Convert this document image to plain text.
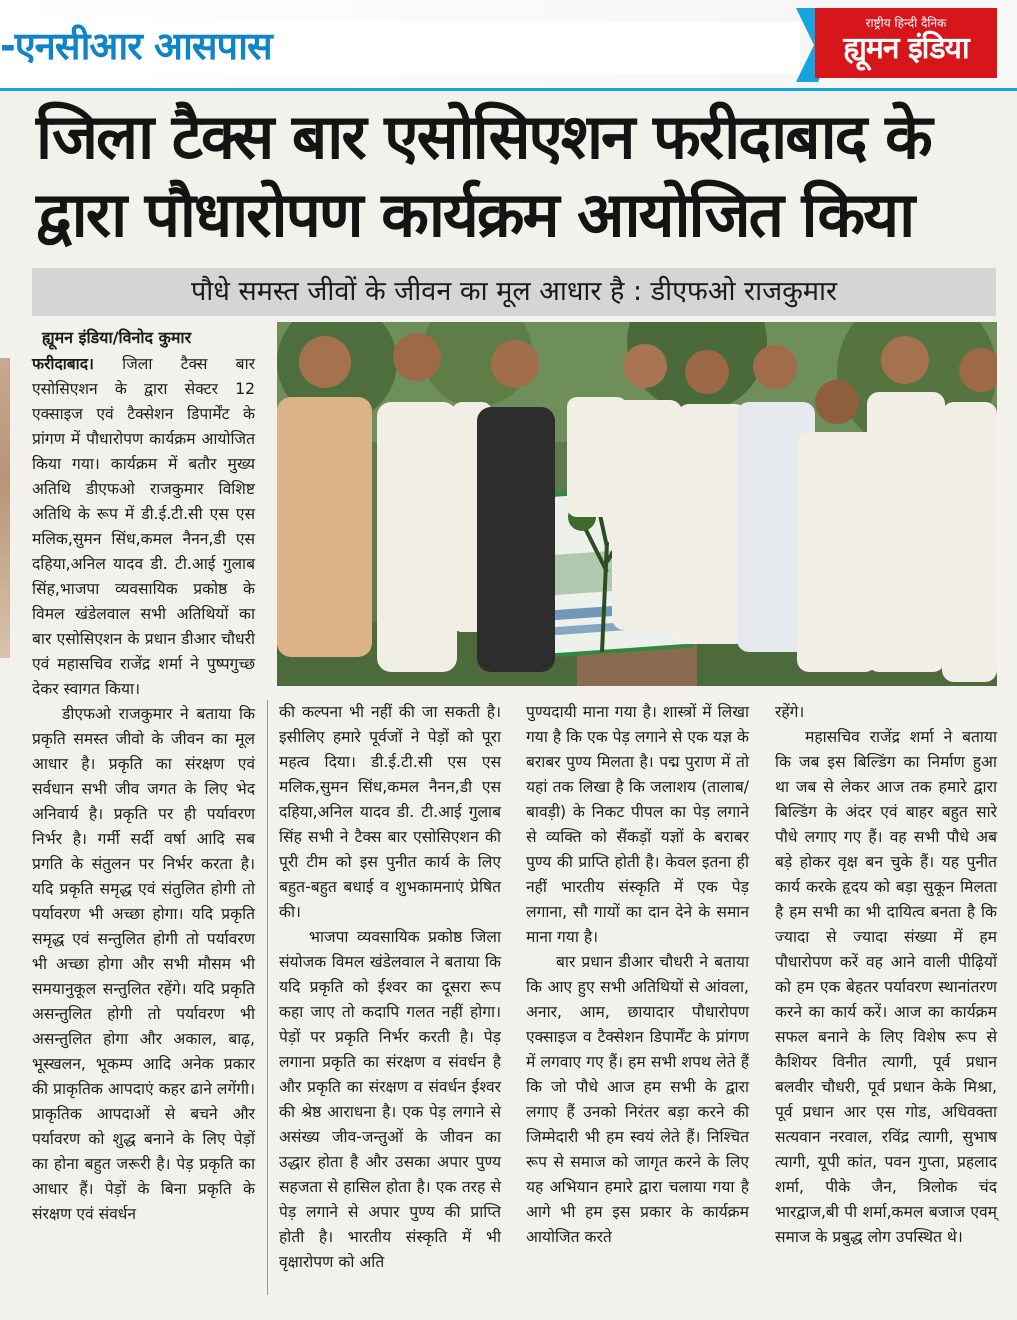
-एनसीआर आसपास
राष्ट्रीय हिन्दी दैनिक
ह्यूमन इंडिया
जिला टैक्स बार एसोसिएशन फरीदाबाद के
द्वारा पौधारोपण कार्यक्रम आयोजित किया
पौधे समस्त जीवों के जीवन का मूल आधार है : डीएफओ राजकुमार
ह्यूमन इंडिया/विनोद कुमार

फरीदाबाद। जिला टैक्स बार एसोसिएशन के द्वारा सेक्टर 12 एक्साइज एवं टैक्सेशन डिपार्मेंट के प्रांगण में पौधारोपण कार्यक्रम आयोजित किया गया। कार्यक्रम में बतौर मुख्य अतिथि डीएफओ राजकुमार विशिष्ट अतिथि के रूप में डी.ई.टी.सी एस एस मलिक,सुमन सिंध,कमल नैनन,डी एस दहिया,अनिल यादव डी. टी.आई गुलाब सिंह,भाजपा व्यवसायिक प्रकोष्ठ के विमल खंडेलवाल सभी अतिथियों का बार एसोसिएशन के प्रधान डीआर चौधरी एवं महासचिव राजेंद्र शर्मा ने पुष्पगुच्छ देकर स्वागत किया।

डीएफओ राजकुमार ने बताया कि प्रकृति समस्त जीवो के जीवन का मूल आधार है। प्रकृति का संरक्षण एवं सर्वधान सभी जीव जगत के लिए भेद अनिवार्य है। प्रकृति पर ही पर्यावरण निर्भर है। गर्मी सर्दी वर्षा आदि सब प्रगति के संतुलन पर निर्भर करता है। यदि प्रकृति समृद्ध एवं संतुलित होगी तो पर्यावरण भी अच्छा होगा। यदि प्रकृति समृद्ध एवं सन्तुलित होगी तो पर्यावरण भी अच्छा होगा और सभी मौसम भी समयानुकूल सन्तुलित रहेंगे। यदि प्रकृति असन्तुलित होगी तो पर्यावरण भी असन्तुलित होगा और अकाल, बाढ़, भूस्खलन, भूकम्प आदि अनेक प्रकार की प्राकृतिक आपदाएं कहर ढाने लगेंगी। प्राकृतिक आपदाओं से बचने और पर्यावरण को शुद्ध बनाने के लिए पेड़ों का होना बहुत जरूरी है। पेड़ प्रकृति का आधार हैं। पेड़ों के बिना प्रकृति के संरक्षण एवं संवर्धन

की कल्पना भी नहीं की जा सकती है। इसीलिए हमारे पूर्वजों ने पेड़ों को पूरा महत्व दिया। डी.ई.टी.सी एस एस मलिक,सुमन सिंध,कमल नैनन,डी एस दहिया,अनिल यादव डी. टी.आई गुलाब सिंह सभी ने टैक्स बार एसोसिएशन की पूरी टीम को इस पुनीत कार्य के लिए बहुत-बहुत बधाई व शुभकामनाएं प्रेषित की।

भाजपा व्यवसायिक प्रकोष्ठ जिला संयोजक विमल खंडेलवाल ने बताया कि यदि प्रकृति को ईश्वर का दूसरा रूप कहा जाए तो कदापि गलत नहीं होगा। पेड़ों पर प्रकृति निर्भर करती है। पेड़ लगाना प्रकृति का संरक्षण व संवर्धन है और प्रकृति का संरक्षण व संवर्धन ईश्वर की श्रेष्ठ आराधना है। एक पेड़ लगाने से असंख्य जीव-जन्तुओं के जीवन का उद्धार होता है और उसका अपार पुण्य सहजता से हासिल होता है। एक तरह से पेड़ लगाने से अपार पुण्य की प्राप्ति होती है। भारतीय संस्कृति में भी वृक्षारोपण को अति

पुण्यदायी माना गया है। शास्त्रों में लिखा गया है कि एक पेड़ लगाने से एक यज्ञ के बराबर पुण्य मिलता है। पद्म पुराण में तो यहां तक लिखा है कि जलाशय (तालाब/बावड़ी) के निकट पीपल का पेड़ लगाने से व्यक्ति को सैंकड़ों यज्ञों के बराबर पुण्य की प्राप्ति होती है। केवल इतना ही नहीं भारतीय संस्कृति में एक पेड़ लगाना, सौ गायों का दान देने के समान माना गया है।

बार प्रधान डीआर चौधरी ने बताया कि आए हुए सभी अतिथियों से आंवला, अनार, आम, छायादार पौधारोपण एक्साइज व टैक्सेशन डिपार्मेंट के प्रांगण में लगवाए गए हैं। हम सभी शपथ लेते हैं कि जो पौधे आज हम सभी के द्वारा लगाए हैं उनको निरंतर बड़ा करने की जिम्मेदारी भी हम स्वयं लेते हैं। निश्चित रूप से समाज को जागृत करने के लिए यह अभियान हमारे द्वारा चलाया गया है आगे भी हम इस प्रकार के कार्यक्रम आयोजित करते

रहेंगे।

महासचिव राजेंद्र शर्मा ने बताया कि जब इस बिल्डिंग का निर्माण हुआ था जब से लेकर आज तक हमारे द्वारा बिल्डिंग के अंदर एवं बाहर बहुत सारे पौधे लगाए गए हैं। वह सभी पौधे अब बड़े होकर वृक्ष बन चुके हैं। यह पुनीत कार्य करके हृदय को बड़ा सुकून मिलता है हम सभी का भी दायित्व बनता है कि ज्यादा से ज्यादा संख्या में हम पौधारोपण करें वह आने वाली पीढ़ियों को हम एक बेहतर पर्यावरण स्थानांतरण करने का कार्य करें। आज का कार्यक्रम सफल बनाने के लिए विशेष रूप से कैशियर विनीत त्यागी, पूर्व प्रधान बलवीर चौधरी, पूर्व प्रधान केके मिश्रा, पूर्व प्रधान आर एस गोड, अधिवक्ता सत्यवान नरवाल, रविंद्र त्यागी, सुभाष त्यागी, यूपी कांत, पवन गुप्ता, प्रहलाद शर्मा, पीके जैन, त्रिलोक चंद भारद्वाज,बी पी शर्मा,कमल बजाज एवम् समाज के प्रबुद्ध लोग उपस्थित थे।
